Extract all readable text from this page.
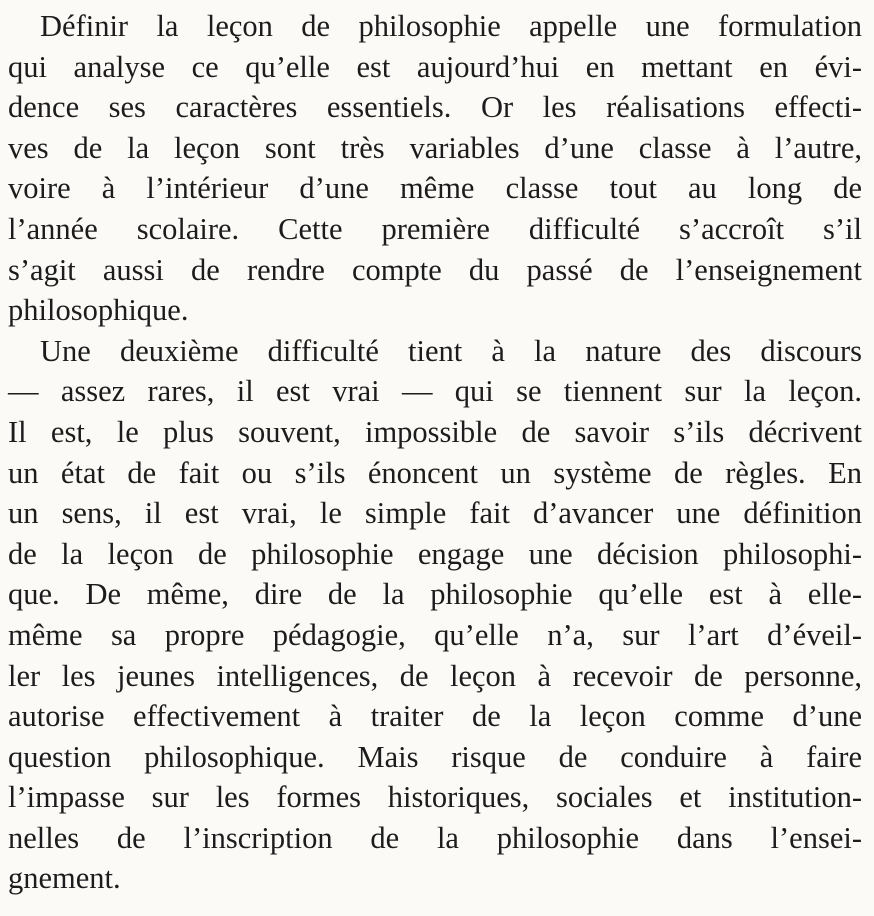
Définir la leçon de philosophie appelle une formulation
qui analyse ce qu’elle est aujourd’hui en mettant en évi-
dence ses caractères essentiels. Or les réalisations effecti-
ves de la leçon sont très variables d’une classe à l’autre,
voire à l’intérieur d’une même classe tout au long de
l’année scolaire. Cette première difficulté s’accroît s’il
s’agit aussi de rendre compte du passé de l’enseignement
philosophique.
Une deuxième difficulté tient à la nature des discours
— assez rares, il est vrai — qui se tiennent sur la leçon.
Il est, le plus souvent, impossible de savoir s’ils décrivent
un état de fait ou s’ils énoncent un système de règles. En
un sens, il est vrai, le simple fait d’avancer une définition
de la leçon de philosophie engage une décision philosophi-
que. De même, dire de la philosophie qu’elle est à elle-
même sa propre pédagogie, qu’elle n’a, sur l’art d’éveil-
ler les jeunes intelligences, de leçon à recevoir de personne,
autorise effectivement à traiter de la leçon comme d’une
question philosophique. Mais risque de conduire à faire
l’impasse sur les formes historiques, sociales et institution-
nelles de l’inscription de la philosophie dans l’ensei-
gnement.
